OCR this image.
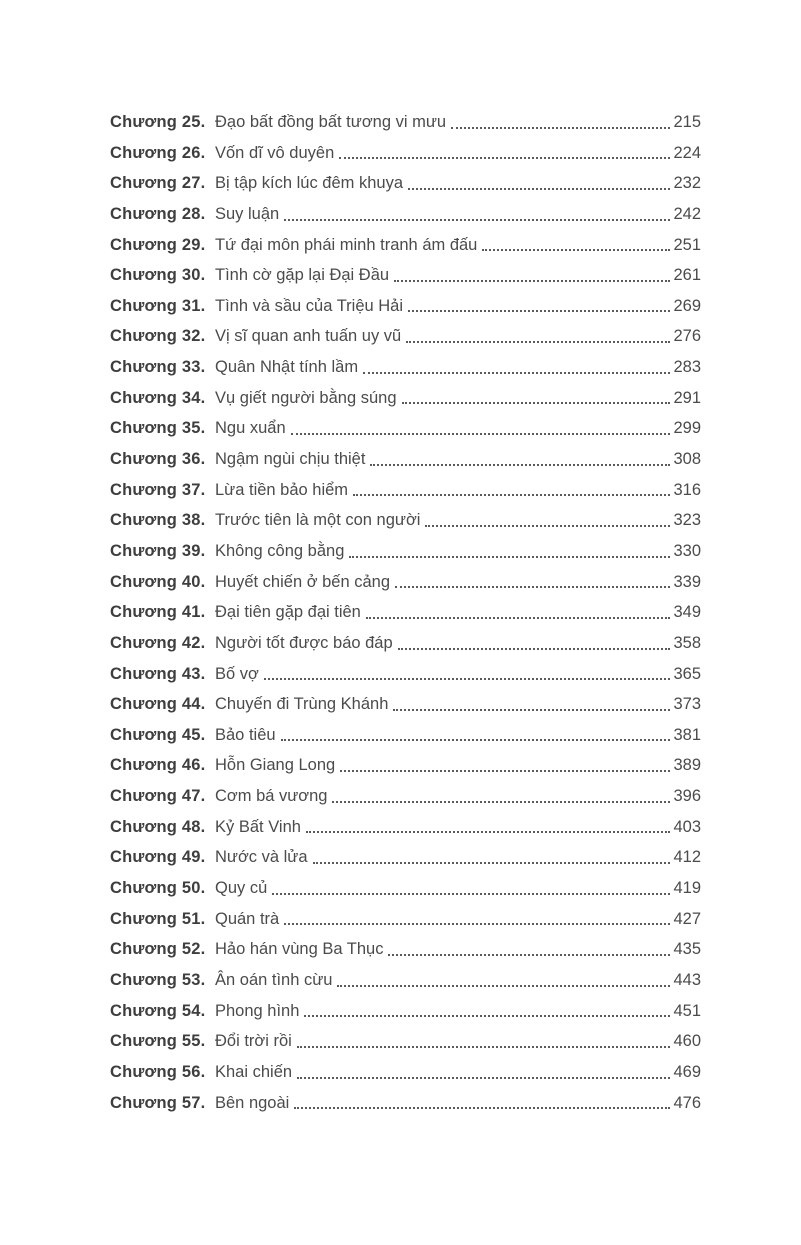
Chương 25. Đạo bất đồng bất tương vi mưu	215
Chương 26. Vốn dĩ vô duyên	224
Chương 27. Bị tập kích lúc đêm khuya	232
Chương 28. Suy luận	242
Chương 29. Tứ đại môn phái minh tranh ám đấu	251
Chương 30. Tình cờ gặp lại Đại Đầu	261
Chương 31. Tình và sầu của Triệu Hải	269
Chương 32. Vị sĩ quan anh tuấn uy vũ	276
Chương 33. Quân Nhật tính lầm	283
Chương 34. Vụ giết người bằng súng	291
Chương 35. Ngu xuẩn	299
Chương 36. Ngậm ngùi chịu thiệt	308
Chương 37. Lừa tiền bảo hiểm	316
Chương 38. Trước tiên là một con người	323
Chương 39. Không công bằng	330
Chương 40. Huyết chiến ở bến cảng	339
Chương 41. Đại tiên gặp đại tiên	349
Chương 42. Người tốt được báo đáp	358
Chương 43. Bố vợ	365
Chương 44. Chuyến đi Trùng Khánh	373
Chương 45. Bảo tiêu	381
Chương 46. Hỗn Giang Long	389
Chương 47. Cơm bá vương	396
Chương 48. Kỷ Bất Vinh	403
Chương 49. Nước và lửa	412
Chương 50. Quy củ	419
Chương 51. Quán trà	427
Chương 52. Hảo hán vùng Ba Thục	435
Chương 53. Ân oán tình cừu	443
Chương 54. Phong hình	451
Chương 55. Đổi trời rồi	460
Chương 56. Khai chiến	469
Chương 57. Bên ngoài	476
